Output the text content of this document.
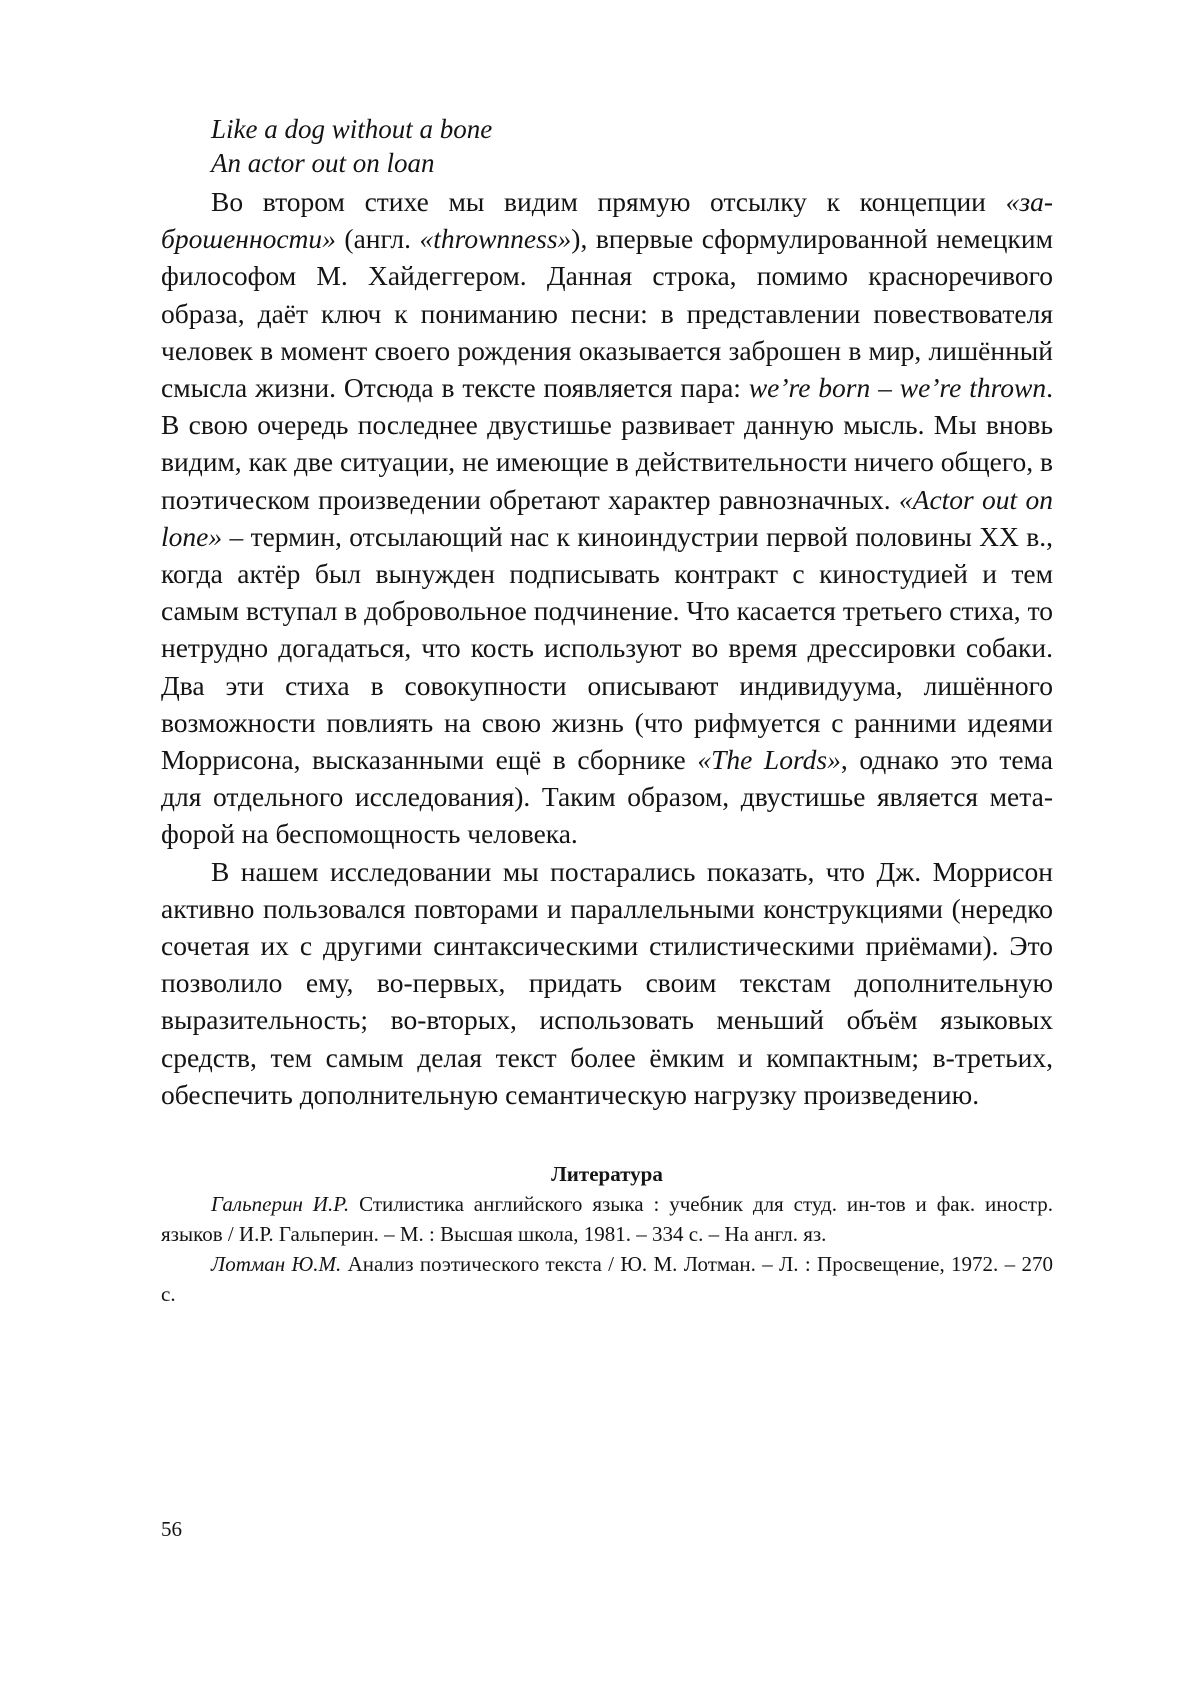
Like a dog without a bone

An actor out on loan

Во втором стихе мы видим прямую отсылку к концепции «за­брошенности» (англ. «thrownness»), впервые сформулированной немецким философом М. Хайдеггером. Данная строка, помимо красноречивого образа, даёт ключ к пониманию песни: в представ­лении повествователя человек в момент своего рождения оказыва­ется заброшен в мир, лишённый смысла жизни. Отсюда в тексте появляется пара: we’re born – we’re thrown. В свою очередь послед­нее двустишье развивает данную мысль. Мы вновь видим, как две ситуации, не имеющие в действительности ничего общего, в поэ­тическом произведении обретают характер равнозначных. «Actor out on lone» – термин, отсылающий нас к киноиндустрии первой половины XX в., когда актёр был вынужден подписывать контракт с киностудией и тем самым вступал в добровольное подчинение. Что касается третьего стиха, то нетрудно догадаться, что кость ис­пользуют во время дрессировки собаки. Два эти стиха в совокуп­ности описывают индивидуума, лишённого возможности повли­ять на свою жизнь (что рифмуется с ранними идеями Моррисона, высказанными ещё в сборнике «The Lords», однако это тема для от­дельного исследования). Таким образом, двустишье является мета­форой на беспомощность человека.

В нашем исследовании мы постарались показать, что Дж. Мор­рисон активно пользовался повторами и параллельными конструк­циями (нередко сочетая их с другими синтаксическими стилисти­ческими приёмами). Это позволило ему, во-первых, придать своим текстам дополнительную выразительность; во-вторых, использо­вать меньший объём языковых средств, тем самым делая текст бо­лее ёмким и компактным; в-третьих, обеспечить дополнительную семантическую нагрузку произведению.

Литература

Гальперин И.Р. Стилистика английского языка : учебник для студ. ин-тов и фак. иностр. языков / И.Р. Гальперин. – М. : Высшая школа, 1981. – 334 с. – На англ. яз.

Лотман Ю.М. Анализ поэтического текста / Ю. М. Лотман. – Л. : Просвеще­ние, 1972. – 270 с.

56
